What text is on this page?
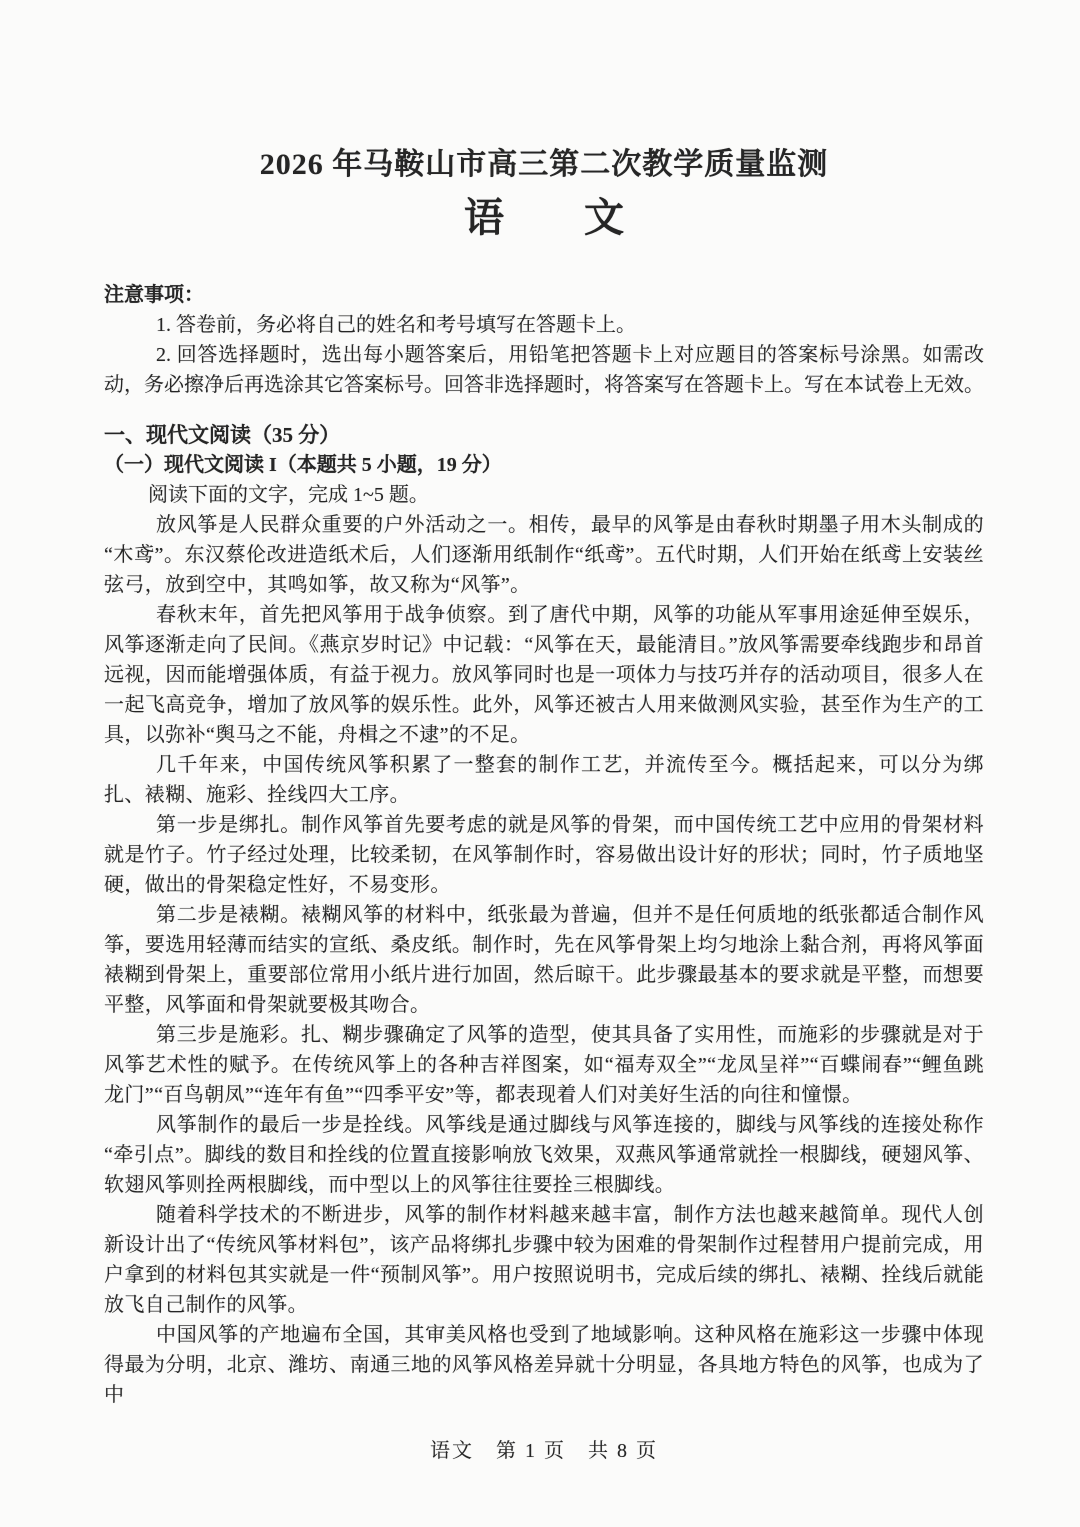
2026 年马鞍山市高三第二次教学质量监测
语　　文
注意事项：

1. 答卷前，务必将自己的姓名和考号填写在答题卡上。

2. 回答选择题时，选出每小题答案后，用铅笔把答题卡上对应题目的答案标号涂黑。如需改动，务必擦净后再选涂其它答案标号。回答非选择题时，将答案写在答题卡上。写在本试卷上无效。

一、现代文阅读（35 分）
（一）现代文阅读 I（本题共 5 小题，19 分）
阅读下面的文字，完成 1~5 题。

放风筝是人民群众重要的户外活动之一。相传，最早的风筝是由春秋时期墨子用木头制成的“木鸢”。东汉蔡伦改进造纸术后，人们逐渐用纸制作“纸鸢”。五代时期，人们开始在纸鸢上安装丝弦弓，放到空中，其鸣如筝，故又称为“风筝”。

春秋末年，首先把风筝用于战争侦察。到了唐代中期，风筝的功能从军事用途延伸至娱乐，风筝逐渐走向了民间。《燕京岁时记》中记载：“风筝在天，最能清目。”放风筝需要牵线跑步和昂首远视，因而能增强体质，有益于视力。放风筝同时也是一项体力与技巧并存的活动项目，很多人在一起飞高竞争，增加了放风筝的娱乐性。此外，风筝还被古人用来做测风实验，甚至作为生产的工具，以弥补“舆马之不能，舟楫之不逮”的不足。

几千年来，中国传统风筝积累了一整套的制作工艺，并流传至今。概括起来，可以分为绑扎、裱糊、施彩、拴线四大工序。

第一步是绑扎。制作风筝首先要考虑的就是风筝的骨架，而中国传统工艺中应用的骨架材料就是竹子。竹子经过处理，比较柔韧，在风筝制作时，容易做出设计好的形状；同时，竹子质地坚硬，做出的骨架稳定性好，不易变形。

第二步是裱糊。裱糊风筝的材料中，纸张最为普遍，但并不是任何质地的纸张都适合制作风筝，要选用轻薄而结实的宣纸、桑皮纸。制作时，先在风筝骨架上均匀地涂上黏合剂，再将风筝面裱糊到骨架上，重要部位常用小纸片进行加固，然后晾干。此步骤最基本的要求就是平整，而想要平整，风筝面和骨架就要极其吻合。

第三步是施彩。扎、糊步骤确定了风筝的造型，使其具备了实用性，而施彩的步骤就是对于风筝艺术性的赋予。在传统风筝上的各种吉祥图案，如“福寿双全”“龙凤呈祥”“百蝶闹春”“鲤鱼跳龙门”“百鸟朝凤”“连年有鱼”“四季平安”等，都表现着人们对美好生活的向往和憧憬。

风筝制作的最后一步是拴线。风筝线是通过脚线与风筝连接的，脚线与风筝线的连接处称作“牵引点”。脚线的数目和拴线的位置直接影响放飞效果，双燕风筝通常就拴一根脚线，硬翅风筝、软翅风筝则拴两根脚线，而中型以上的风筝往往要拴三根脚线。

随着科学技术的不断进步，风筝的制作材料越来越丰富，制作方法也越来越简单。现代人创新设计出了“传统风筝材料包”，该产品将绑扎步骤中较为困难的骨架制作过程替用户提前完成，用户拿到的材料包其实就是一件“预制风筝”。用户按照说明书，完成后续的绑扎、裱糊、拴线后就能放飞自己制作的风筝。

中国风筝的产地遍布全国，其审美风格也受到了地域影响。这种风格在施彩这一步骤中体现得最为分明，北京、潍坊、南通三地的风筝风格差异就十分明显，各具地方特色的风筝，也成为了中

语文　第 1 页　共 8 页
